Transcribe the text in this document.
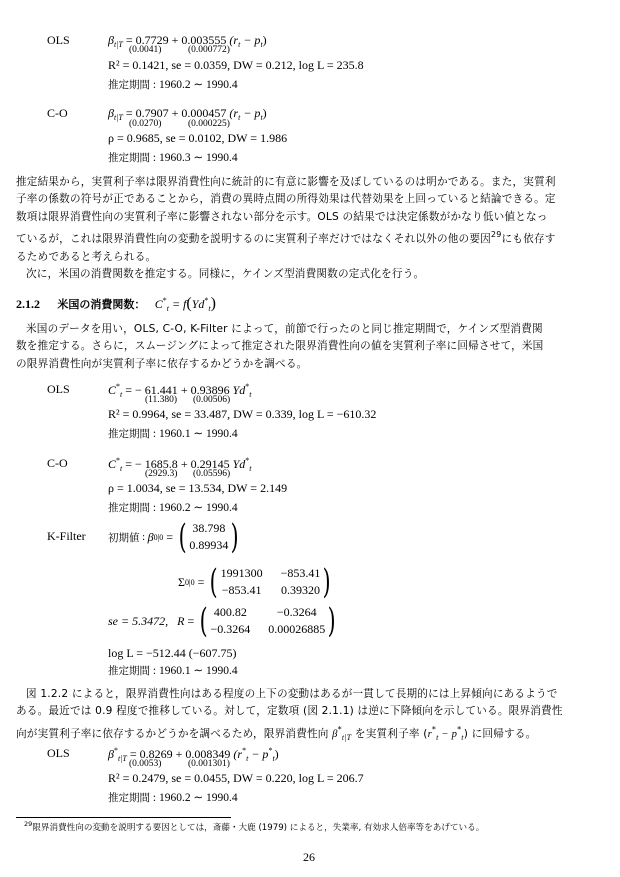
OLS	$\beta_{t|T} = 0.7729 + 0.003555$ $(r_t - p_t)$
(0.0041)	(0.000772)
R² = 0.1421, se = 0.0359, DW = 0.212, log L = 235.8
推定期間 : 1960.2 ∼ 1990.4
C-O	$\beta_{t|T} = 0.7907 + 0.000457$ $(r_t - p_t)$
(0.0270)	(0.000225)
ρ = 0.9685, se = 0.0102, DW = 1.986
推定期間 : 1960.3 ∼ 1990.4

推定結果から，実質利子率は限界消費性向に統計的に有意に影響を及ぼしているのは明かである。また，実質利

子率の係数の符号が正であることから，消費の異時点間の所得効果は代替効果を上回っていると結論できる。定

数項は限界消費性向の実質利子率に影響されない部分を示す。OLS の結果では決定係数がかなり低い値となっ

ているが，これは限界消費性向の変動を説明するのに実質利子率だけではなくそれ以外の他の要因$^{29}$にも依存す

るためであると考えられる。

次に，米国の消費関数を推定する。同様に，ケインズ型消費関数の定式化を行う。

2.1.2 米国の消費関数： $C^*_t = f(Yd^*_t)$

米国のデータを用い，OLS, C-O, K-Filter によって，前節で行ったのと同じ推定期間で，ケインズ型消費関

数を推定する。さらに，スムージングによって推定された限界消費性向の値を実質利子率に回帰させて，米国

の限界消費性向が実質利子率に依存するかどうかを調べる。

OLS	$C^*_t$ = − 61.441 + 0.93896 $Yd^*_t$
(11.380) (0.00506)
R² = 0.9964, se = 33.487, DW = 0.339, log L = −610.32
推定期間 : 1960.1 ∼ 1990.4
C-O	$C^*_t$ = − 1685.8 + 0.29145 $Yd^*_t$
(2929.3) (0.05596)
ρ = 1.0034, se = 13.534, DW = 2.149
推定期間 : 1960.2 ∼ 1990.4
K-Filter 初期値 : β 0|0 = ( 38.798
0.89934 )
Σ 0|0 = ( 1991300 −853.41
−853.41 0.39320 )
se = 5.3472,
R = ( 400.82	−0.3264
−0.3264 0.00026885 )
log L = −512.44 (−607.75)
推定期間 : 1960.1 ∼ 1990.4

図 1.2.2 によると，限界消費性向はある程度の上下の変動はあるが一貫して長期的には上昇傾向にあるようで

ある。最近では 0.9 程度で推移している。対して，定数項 (図 2.1.1) は逆に下降傾向を示している。限界消費性

向が実質利子率に依存するかどうかを調べるため，限界消費性向 $\beta^*_{t|T}$ を実質利子率 $(r^*_t - p^*_t)$ に回帰する。

OLS	$\beta^*_{t|T} = 0.8269 + 0.008349$ $(r^*_t - p^*_t)$
(0.0053)	(0.001301)
R² = 0.2479, se = 0.0455, DW = 0.220, log L = 206.7
推定期間 : 1960.2 ∼ 1990.4
$^{29}$限界消費性向の変動を説明する要因としては，斎藤・大鹿 (1979) によると，失業率, 有効求人倍率等をあげている。
26
